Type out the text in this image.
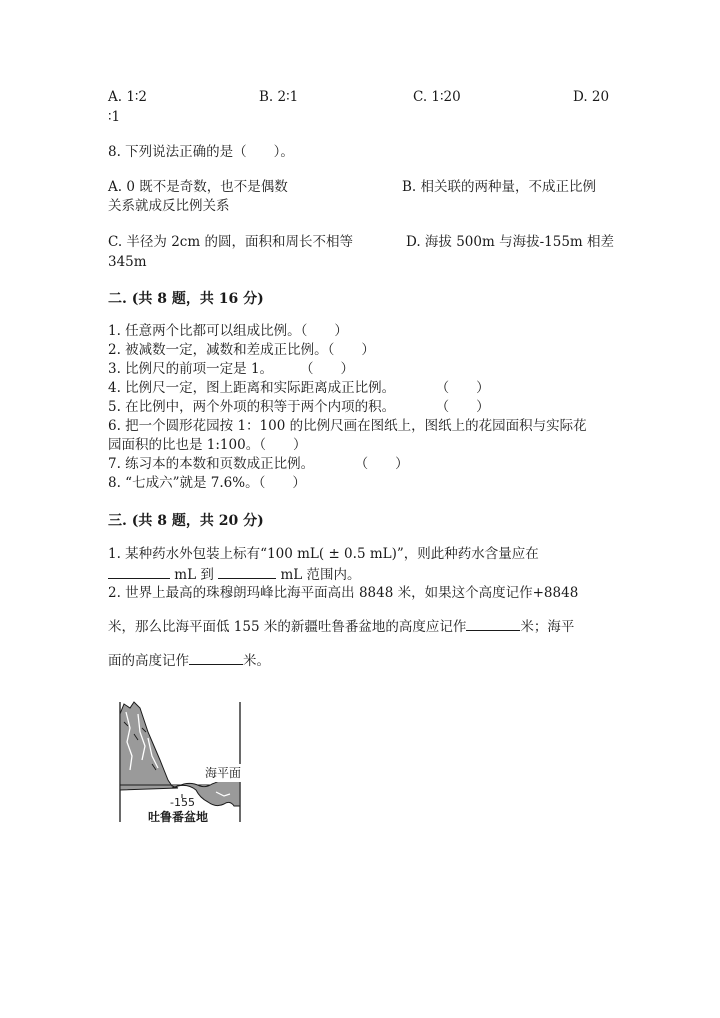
A. 1∶2	B. 2∶1	C. 1∶20	D. 20
∶1
8. 下列说法正确的是（　　）。
A. 0 既不是奇数，也不是偶数	B. 相关联的两种量，不成正比例
关系就成反比例关系
C. 半径为 2cm 的圆，面积和周长不相等	D. 海拔 500m 与海拔-155m 相差
345m
二. (共 8 题，共 16 分)
1. 任意两个比都可以组成比例。（　　）
2. 被减数一定，减数和差成正比例。（　　）
3. 比例尺的前项一定是 1。　　　（　　）
4. 比例尺一定，图上距离和实际距离成正比例。　　　　（　　）
5. 在比例中，两个外项的积等于两个内项的积。　　　　（　　）
6. 把一个圆形花园按 1：100 的比例尺画在图纸上，图纸上的花园面积与实际花
园面积的比也是 1:100。（　　）
7. 练习本的本数和页数成正比例。　　　　（　　）
8. “七成六”就是 7.6%。（　　）
三. (共 8 题，共 20 分)
1. 某种药水外包装上标有“100 mL( ± 0.5 mL)”，则此种药水含量应在
mL 到	mL 范围内。
2. 世界上最高的珠穆朗玛峰比海平面高出 8848 米，如果这个高度记作+8848
米，那么比海平面低 155 米的新疆吐鲁番盆地的高度应记作	米；海平
面的高度记作	米。
海平面
-155
吐鲁番盆地
